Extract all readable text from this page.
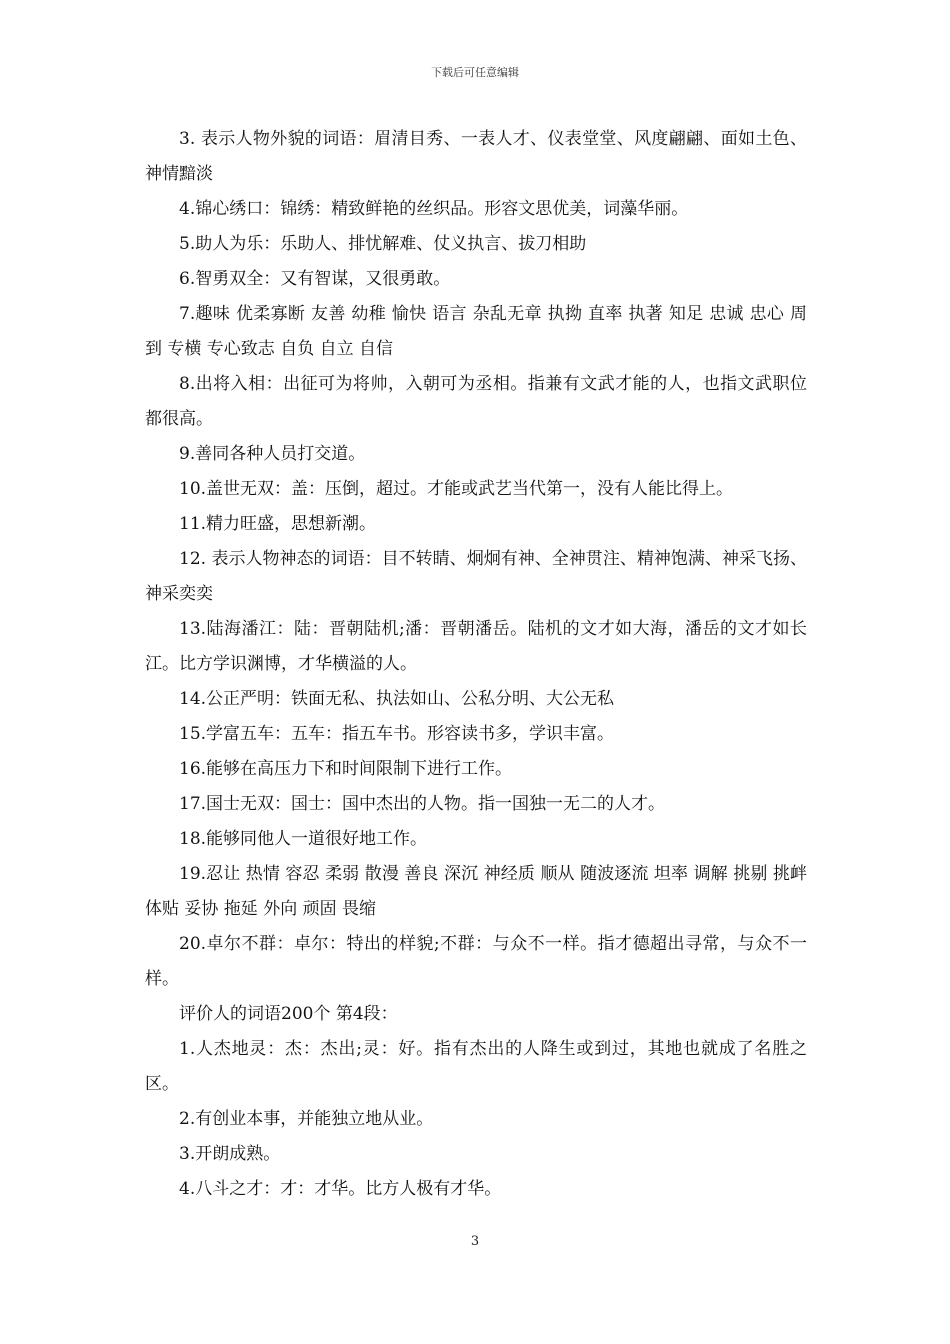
下载后可任意编辑

3. 表示人物外貌的词语：眉清目秀、一表人才、仪表堂堂、风度翩翩、面如土色、神情黯淡

4.锦心绣口：锦绣：精致鲜艳的丝织品。形容文思优美，词藻华丽。

5.助人为乐：乐助人、排忧解难、仗义执言、拔刀相助

6.智勇双全：又有智谋，又很勇敢。

7.趣味 优柔寡断 友善 幼稚 愉快 语言 杂乱无章 执拗 直率 执著 知足 忠诚 忠心 周到 专横 专心致志 自负 自立 自信

8.出将入相：出征可为将帅，入朝可为丞相。指兼有文武才能的人，也指文武职位都很高。

9.善同各种人员打交道。

10.盖世无双：盖：压倒，超过。才能或武艺当代第一，没有人能比得上。

11.精力旺盛，思想新潮。

12. 表示人物神态的词语：目不转睛、炯炯有神、全神贯注、精神饱满、神采飞扬、神采奕奕

13.陆海潘江：陆：晋朝陆机;潘：晋朝潘岳。陆机的文才如大海，潘岳的文才如长江。比方学识渊博，才华横溢的人。

14.公正严明：铁面无私、执法如山、公私分明、大公无私

15.学富五车：五车：指五车书。形容读书多，学识丰富。

16.能够在高压力下和时间限制下进行工作。

17.国士无双：国士：国中杰出的人物。指一国独一无二的人才。

18.能够同他人一道很好地工作。

19.忍让 热情 容忍 柔弱 散漫 善良 深沉 神经质 顺从 随波逐流 坦率 调解 挑剔 挑衅 体贴 妥协 拖延 外向 顽固 畏缩

20.卓尔不群：卓尔：特出的样貌;不群：与众不一样。指才德超出寻常，与众不一样。

评价人的词语200个 第4段：

1.人杰地灵：杰：杰出;灵：好。指有杰出的人降生或到过，其地也就成了名胜之区。

2.有创业本事，并能独立地从业。

3.开朗成熟。

4.八斗之才：才：才华。比方人极有才华。

3
